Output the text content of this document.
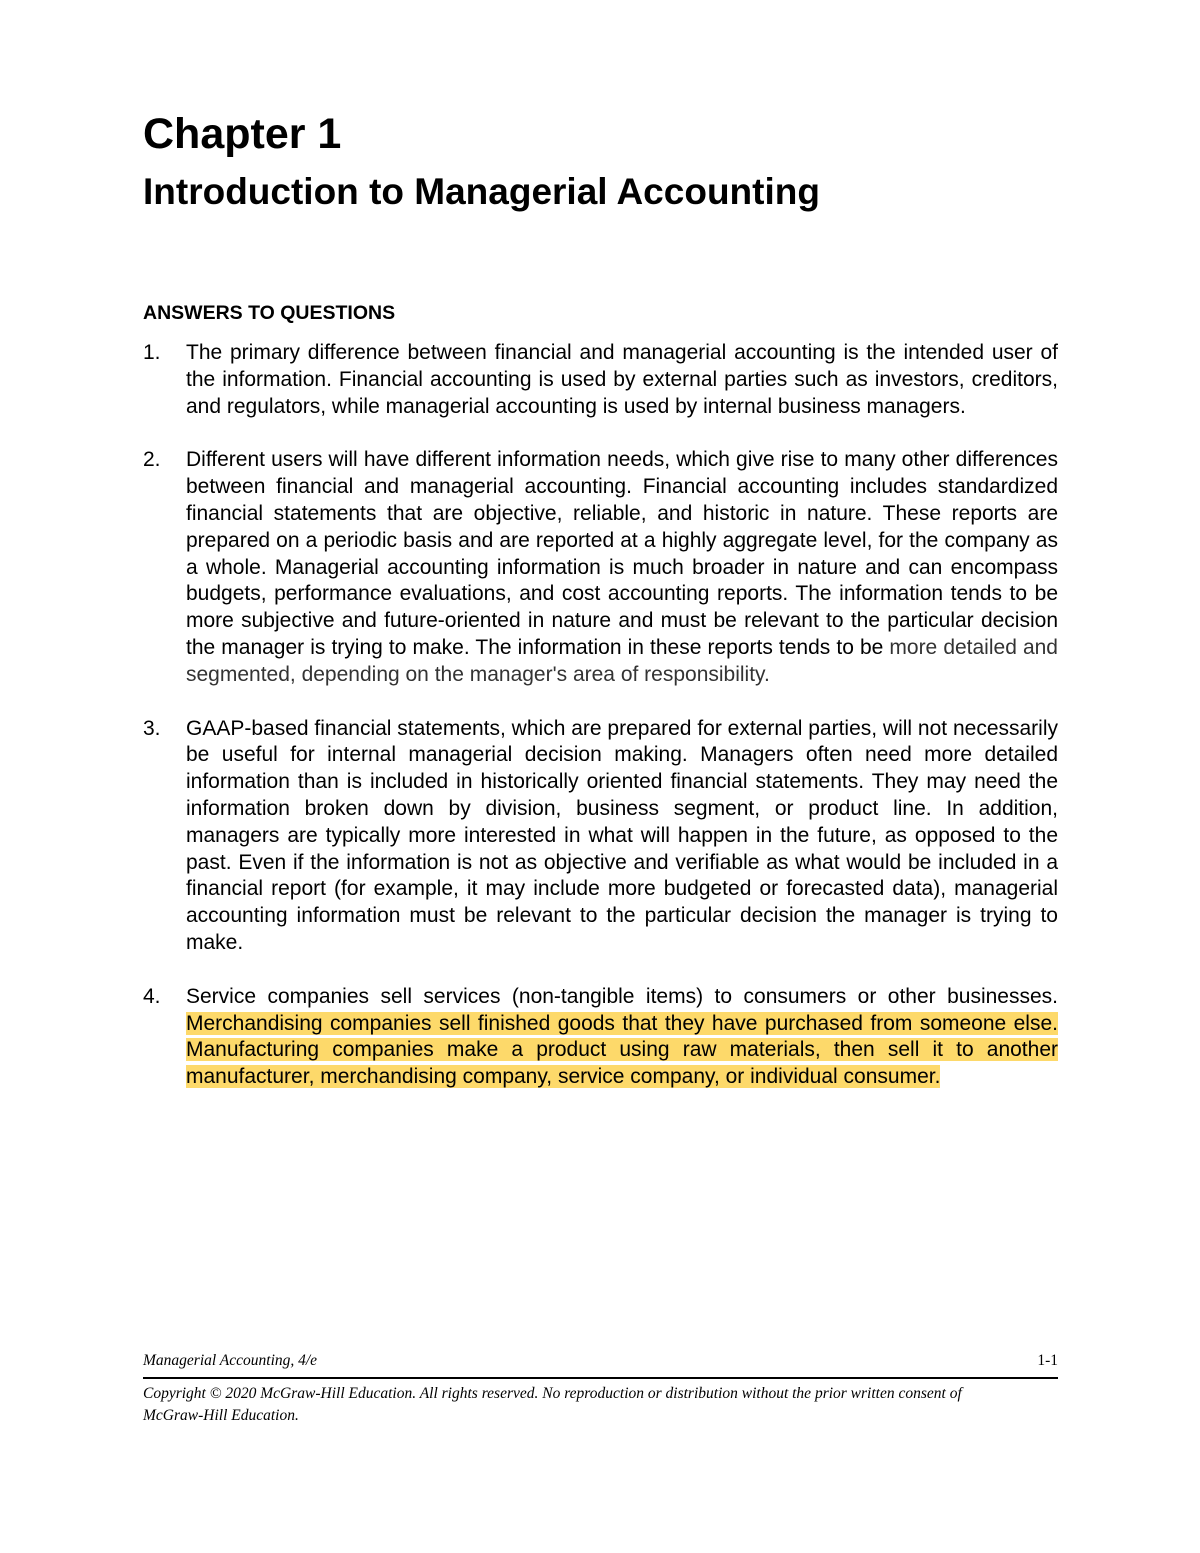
Chapter 1
Introduction to Managerial Accounting
ANSWERS TO QUESTIONS
1. The primary difference between financial and managerial accounting is the intended user of the information. Financial accounting is used by external parties such as investors, creditors, and regulators, while managerial accounting is used by internal business managers.
2. Different users will have different information needs, which give rise to many other differences between financial and managerial accounting. Financial accounting includes standardized financial statements that are objective, reliable, and historic in nature. These reports are prepared on a periodic basis and are reported at a highly aggregate level, for the company as a whole. Managerial accounting information is much broader in nature and can encompass budgets, performance evaluations, and cost accounting reports. The information tends to be more subjective and future-oriented in nature and must be relevant to the particular decision the manager is trying to make. The information in these reports tends to be more detailed and segmented, depending on the manager's area of responsibility.
3. GAAP-based financial statements, which are prepared for external parties, will not necessarily be useful for internal managerial decision making. Managers often need more detailed information than is included in historically oriented financial statements. They may need the information broken down by division, business segment, or product line. In addition, managers are typically more interested in what will happen in the future, as opposed to the past. Even if the information is not as objective and verifiable as what would be included in a financial report (for example, it may include more budgeted or forecasted data), managerial accounting information must be relevant to the particular decision the manager is trying to make.
4. Service companies sell services (non-tangible items) to consumers or other businesses. Merchandising companies sell finished goods that they have purchased from someone else. Manufacturing companies make a product using raw materials, then sell it to another manufacturer, merchandising company, service company, or individual consumer.
Managerial Accounting, 4/e	1-1

Copyright © 2020 McGraw-Hill Education. All rights reserved. No reproduction or distribution without the prior written consent of McGraw-Hill Education.
